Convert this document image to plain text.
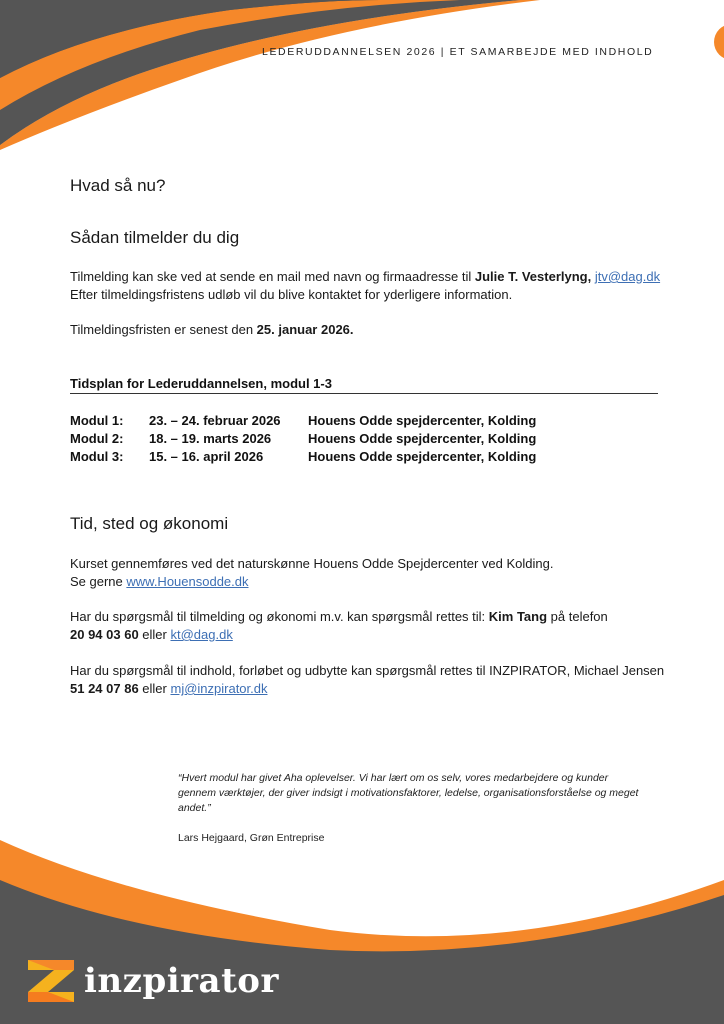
LEDERUDDANNELSEN 2026 | ET SAMARBEJDE MED INDHOLD
Hvad så nu?
Sådan tilmelder du dig
Tilmelding kan ske ved at sende en mail med navn og firmaadresse til Julie T. Vesterlyng, jtv@dag.dk
Efter tilmeldingsfristens udløb vil du blive kontaktet for yderligere information.
Tilmeldingsfristen er senest den 25. januar 2026.
Tidsplan for Lederuddannelsen, modul 1-3
Modul 1:	23. – 24. februar 2026	Houens Odde spejdercenter, Kolding
Modul 2:	18. – 19. marts 2026	Houens Odde spejdercenter, Kolding
Modul 3:	15. – 16. april 2026	Houens Odde spejdercenter, Kolding
Tid, sted og økonomi
Kurset gennemføres ved det naturskønne Houens Odde Spejdercenter ved Kolding.
Se gerne www.Houensodde.dk
Har du spørgsmål til tilmelding og økonomi m.v. kan spørgsmål rettes til: Kim Tang på telefon
20 94 03 60 eller kt@dag.dk
Har du spørgsmål til indhold, forløbet og udbytte kan spørgsmål rettes til INZPIRATOR, Michael Jensen
51 24 07 86 eller mj@inzpirator.dk
“Hvert modul har givet Aha oplevelser. Vi har lært om os selv, vores medarbejdere og kunder gennem værktøjer, der giver indsigt i motivationsfaktorer, ledelse, organisationsforståelse og meget andet.”
Lars Hejgaard, Grøn Entreprise
inzpirator
